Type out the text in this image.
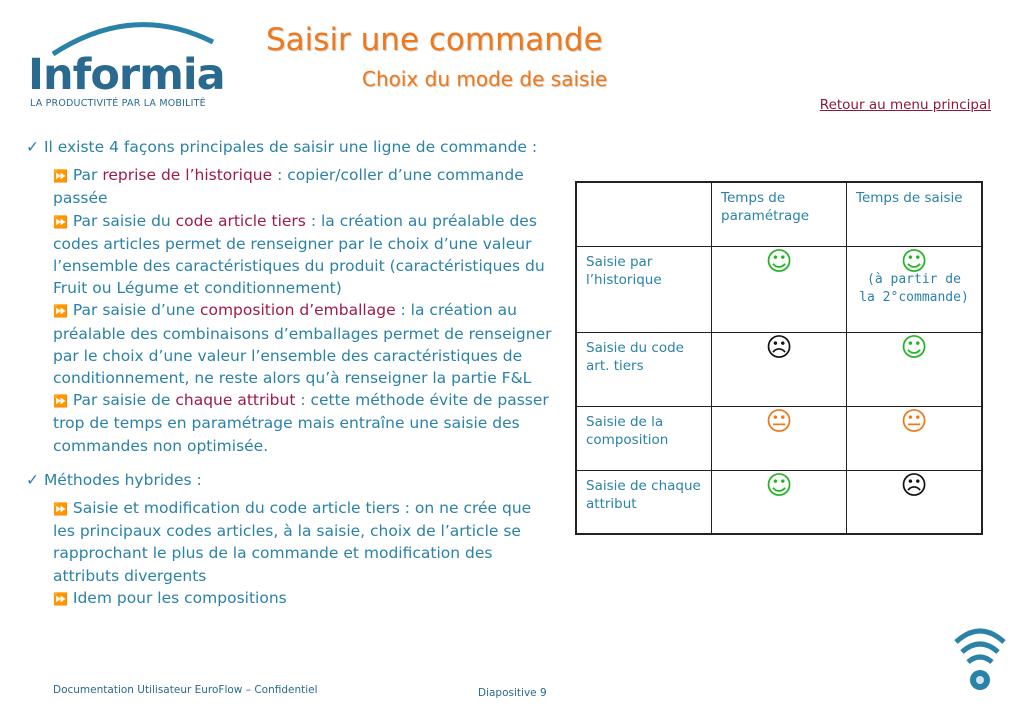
Informia
LA PRODUCTIVITÉ PAR LA MOBILITÉ
Saisir une commande
Choix du mode de saisie
Retour au menu principal

✓ Il existe 4 façons principales de saisir une ligne de commande :

⏩ Par reprise de l’historique : copier/coller d’une commande passée

⏩ Par saisie du code article tiers : la création au préalable des codes articles permet de renseigner par le choix d’une valeur l’ensemble des caractéristiques du produit (caractéristiques du Fruit ou Légume et conditionnement)

⏩ Par saisie d’une composition d’emballage : la création au préalable des combinaisons d’emballages permet de renseigner par le choix d’une valeur l’ensemble des caractéristiques de conditionnement, ne reste alors qu’à renseigner la partie F&L

⏩ Par saisie de chaque attribut : cette méthode évite de passer trop de temps en paramétrage mais entraîne une saisie des commandes non optimisée.

✓ Méthodes hybrides :

⏩ Saisie et modification du code article tiers : on ne crée que les principaux codes articles, à la saisie, choix de l’article se rapprochant le plus de la commande et modification des attributs divergents

⏩ Idem pour les compositions

	Temps de paramétrage	Temps de saisie
Saisie par l’historique	☺	☺
(à partir de la 2°commande)

Saisie du code art. tiers	☹	☺
Saisie de la composition	😐	😐
Saisie de chaque attribut	☺	☹
Documentation Utilisateur EuroFlow – Confidentiel	Diapositive 9
